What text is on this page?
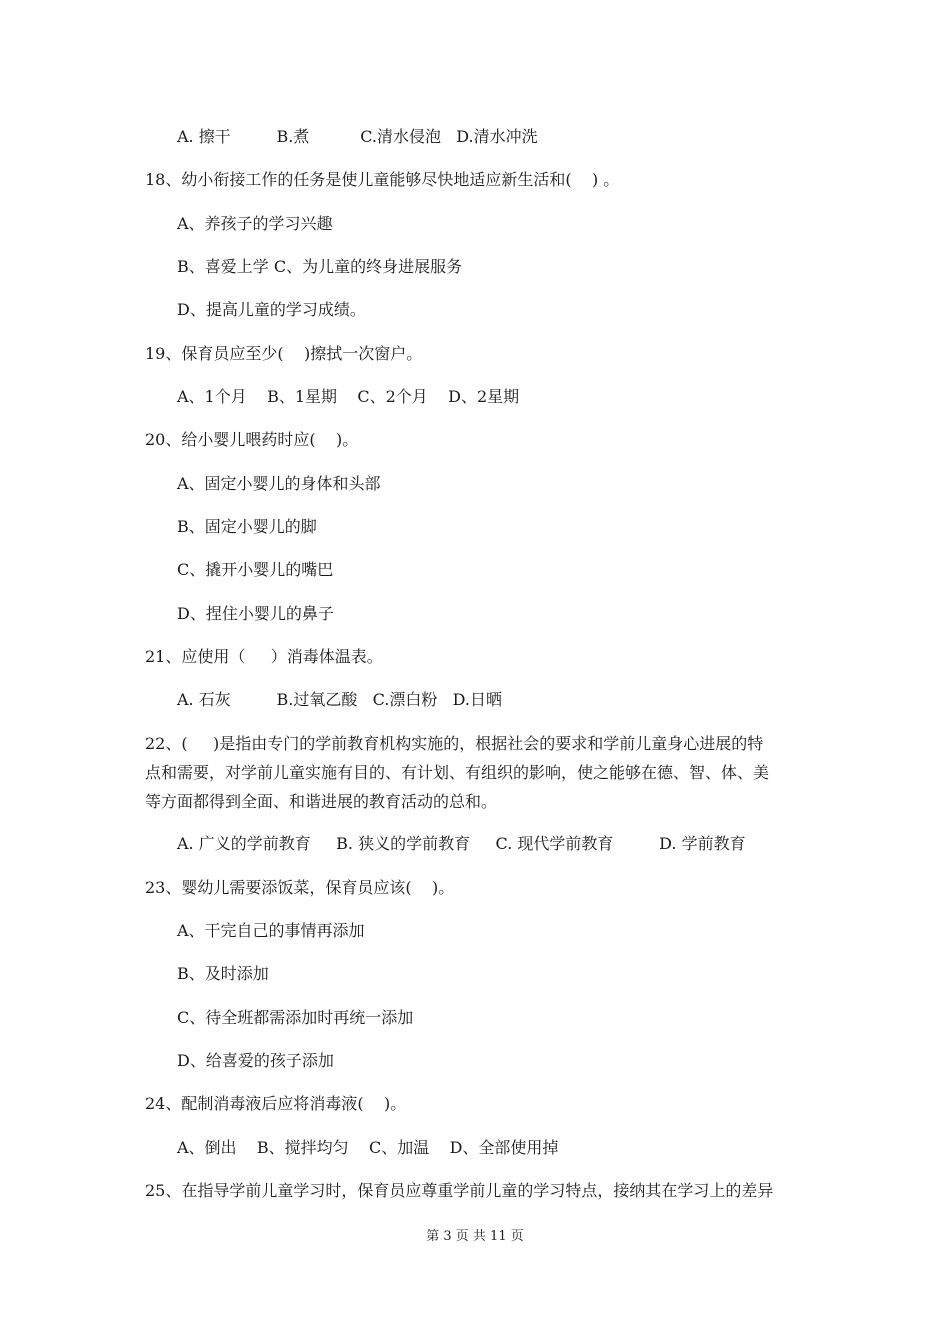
A. 擦干         B.煮          C.清水侵泡   D.清水冲洗
18、幼小衔接工作的任务是使儿童能够尽快地适应新生活和(    ) 。
A、养孩子的学习兴趣
B、喜爱上学 C、为儿童的终身进展服务
D、提高儿童的学习成绩。
19、保育员应至少(    )擦拭一次窗户。
A、1个月    B、1星期    C、2个月    D、2星期
20、给小婴儿喂药时应(    )。
A、固定小婴儿的身体和头部
B、固定小婴儿的脚
C、撬开小婴儿的嘴巴
D、捏住小婴儿的鼻子
21、应使用（     ）消毒体温表。
A. 石灰         B.过氧乙酸   C.漂白粉   D.日晒
22、(     )是指由专门的学前教育机构实施的，根据社会的要求和学前儿童身心进展的特
点和需要，对学前儿童实施有目的、有计划、有组织的影响，使之能够在德、智、体、美
等方面都得到全面、和谐进展的教育活动的总和。
A. 广义的学前教育     B. 狭义的学前教育     C. 现代学前教育         D. 学前教育
23、婴幼儿需要添饭菜，保育员应该(    )。
A、干完自己的事情再添加
B、及时添加
C、待全班都需添加时再统一添加
D、给喜爱的孩子添加
24、配制消毒液后应将消毒液(    )。
A、倒出    B、搅拌均匀    C、加温    D、全部使用掉
25、在指导学前儿童学习时，保育员应尊重学前儿童的学习特点，接纳其在学习上的差异
第 3 页 共 11 页
